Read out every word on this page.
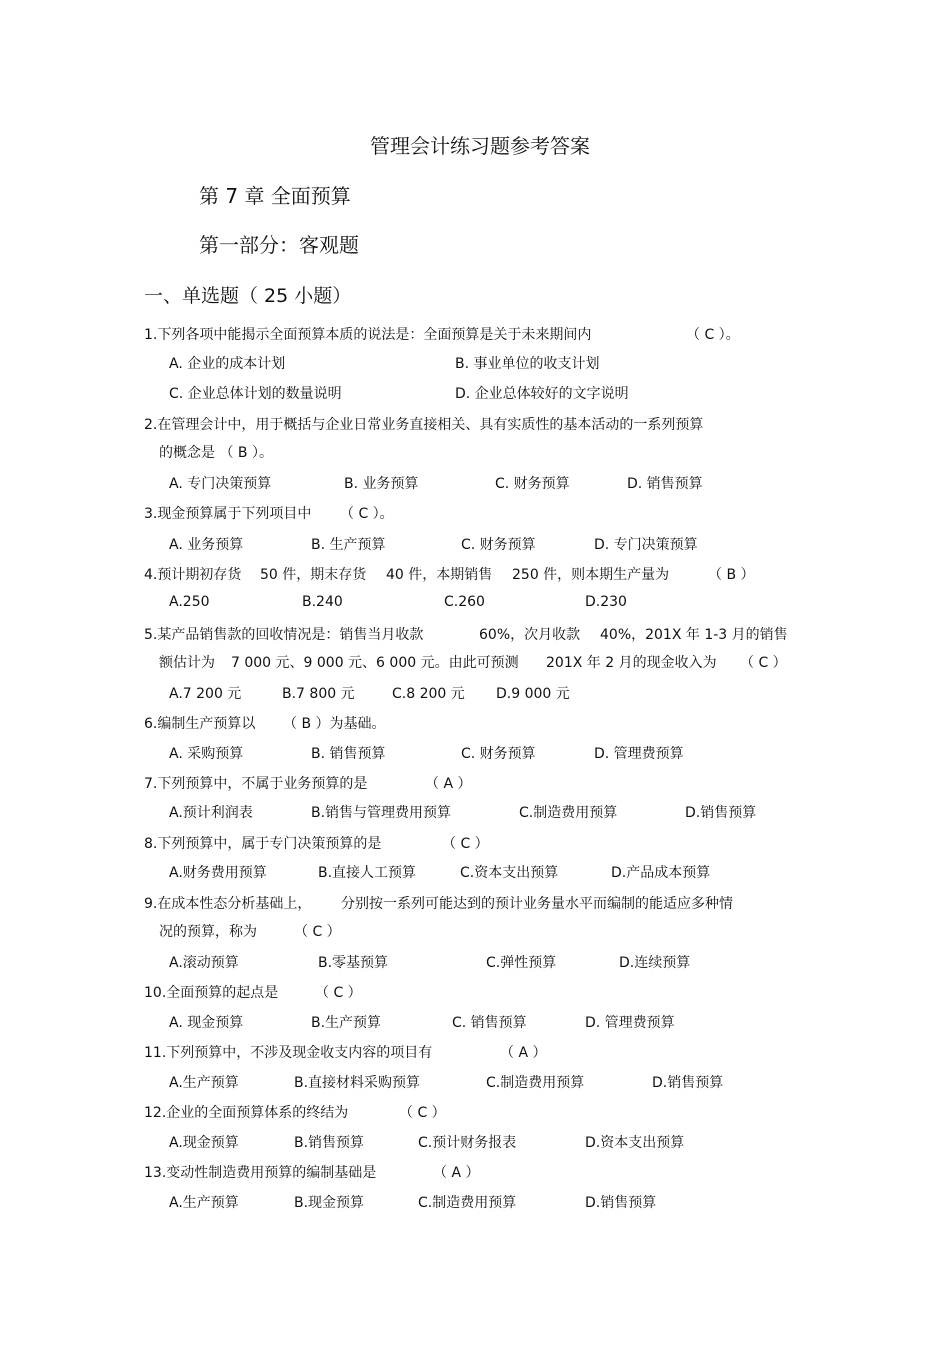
管理会计练习题参考答案
第 7 章 全面预算
第一部分：客观题
一、单选题（ 25 小题）
1.下列各项中能揭示全面预算本质的说法是：全面预算是关于未来期间内	（ C ）。
A. 企业的成本计划	B. 事业单位的收支计划
C. 企业总体计划的数量说明	D. 企业总体较好的文字说明
2.在管理会计中，用于概括与企业日常业务直接相关、具有实质性的基本活动的一系列预算
的概念是 （ B ）。
A. 专门决策预算	B. 业务预算	C. 财务预算	D. 销售预算
3.现金预算属于下列项目中 （ C ）。
A. 业务预算	B. 生产预算	C. 财务预算	D. 专门决策预算
4.预计期初存货 50 件，期末存货 40 件，本期销售 250 件，则本期生产量为	（ B ）
A.250	B.240	C.260	D.230
5.某产品销售款的回收情况是：销售当月收款	60%，次月收款 40%，201X 年 1-3 月的销售
额估计为 7 000 元、9 000 元、6 000 元。由此可预测 201X 年 2 月的现金收入为 （ C ）
A.7 200 元	B.7 800 元	C.8 200 元 D.9 000 元
6.编制生产预算以 （ B ）为基础。
A. 采购预算	B. 销售预算	C. 财务预算	D. 管理费预算
7.下列预算中，不属于业务预算的是	（ A ）
A.预计利润表	B.销售与管理费用预算	C.制造费用预算	D.销售预算
8.下列预算中，属于专门决策预算的是	（ C ）
A.财务费用预算	B.直接人工预算	C.资本支出预算	D.产品成本预算
9.在成本性态分析基础上， 分别按一系列可能达到的预计业务量水平而编制的能适应多种情
况的预算，称为	（ C ）
A.滚动预算	B.零基预算	C.弹性预算	D.连续预算
10.全面预算的起点是	（ C ）
A. 现金预算	B.生产预算	C. 销售预算	D. 管理费预算
11.下列预算中，不涉及现金收支内容的项目有	（ A ）
A.生产预算	B.直接材料采购预算	C.制造费用预算	D.销售预算
12.企业的全面预算体系的终结为	（ C ）
A.现金预算	B.销售预算	C.预计财务报表	D.资本支出预算
13.变动性制造费用预算的编制基础是	（ A ）
A.生产预算	B.现金预算	C.制造费用预算	D.销售预算
